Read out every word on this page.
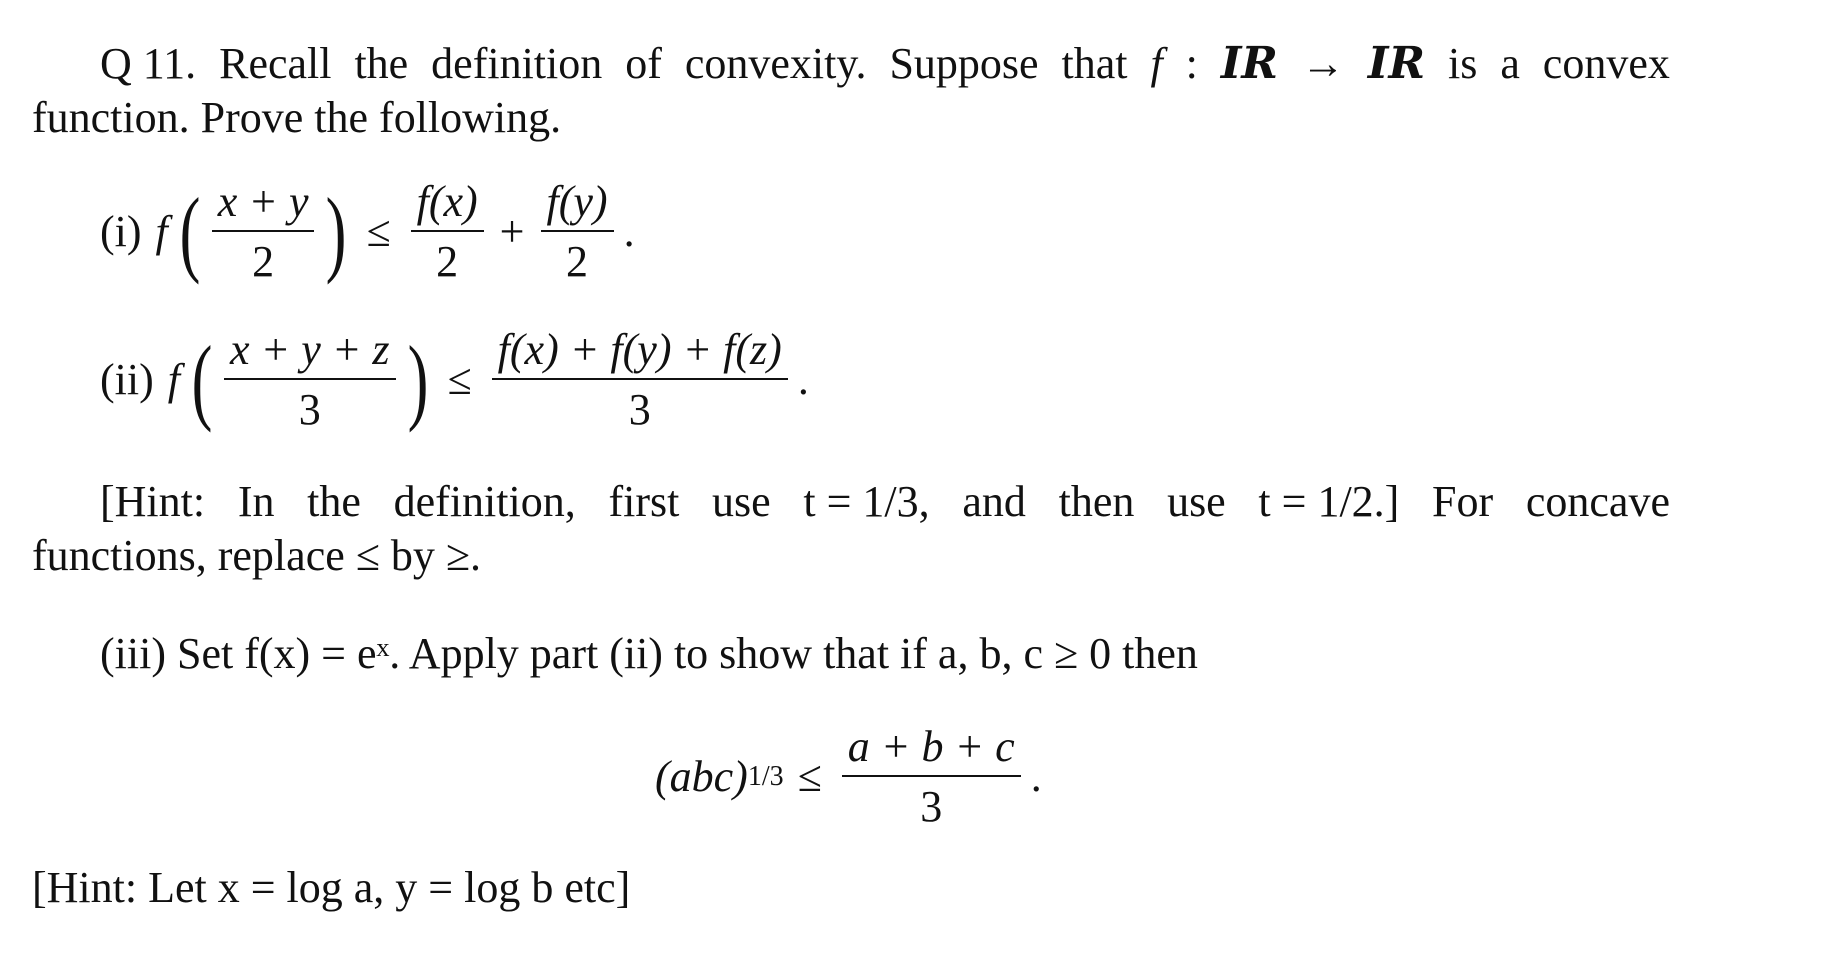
Q 11. Recall the definition of convexity. Suppose that f : IR → IR is a convex
function. Prove the following.
(i) f ( $\frac{x + y}{2}$ ) ≤ $\frac{f(x)}{2} + \frac{f(y)}{2}$ .
(ii) f ( $\frac{x + y + z}{3}$ ) ≤ $\frac{f(x) + f(y) + f(z)}{3}$ .
[Hint: In the definition, first use t = 1/3, and then use t = 1/2.] For concave
functions, replace ≤ by ≥.
(iii) Set f(x) = eˣ. Apply part (ii) to show that if a, b, c ≥ 0 then
(abc) $1/3 \le \frac{a + b + c}{3}$ .
[Hint: Let x = log a, y = log b etc]
